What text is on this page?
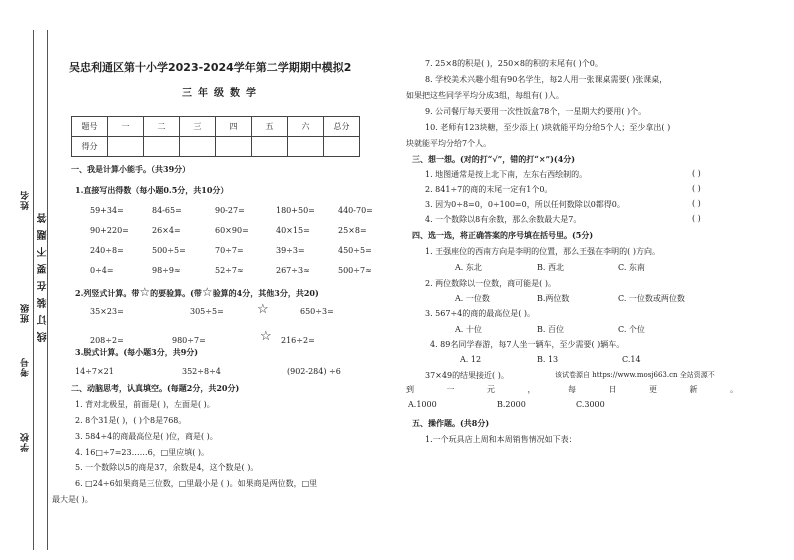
姓名
班级
考号
学校
线订装在要不题答
吴忠利通区第十小学2023-2024学年第二学期期中模拟2
三年级数学
题号	一	二	三	四	五	六	总分
得分							
一、我是计算小能手。（共39分）
1.直接写出得数（每小题0.5分，共10分）
59+34=	84-65=	90-27=	180+50=	440-70=
90+220=	26×4=	60×90=	40×15=	25×8=
240÷8=	500÷5=	70÷7=	39÷3=	450÷5=
0÷4=	98÷9≈	52÷7≈	267÷3≈	500÷7≈
2.列竖式计算。带☆的要验算。(带☆验算的4分，其他3分，共20)
35×23=	305÷5=	☆	650÷3=
208÷2=	980÷7=	☆ 216÷2=
3.脱式计算。(每小题3分，共9分)
14÷7×21	352÷8÷4	(902-284) ÷6
二、动脑思考，认真填空。(每题2分，共20分)
1. 背对北极星，前面是( )，左面是( )。
2. 8个31是( )，( )个8是768。
3. 584÷4的商最高位是( )位，商是( )。
4. 16□÷7=23……6，□里应填( )。
5. 一个数除以5的商是37，余数是4，这个数是( )。
6. □24÷6如果商是三位数，□里最小是 ( )。如果商是两位数，□里
最大是( )。
7. 25×8的积是( )，250×8的积的末尾有( )个0。
8. 学校美术兴趣小组有90名学生，每2人用一张课桌需要( )张课桌，
如果把这些同学平均分成3组，每组有( )人。
9. 公司餐厅每天要用一次性饭盒78个，一星期大约要用( )个。
10. 老师有123块糖，至少添上( )块就能平均分给5个人；至少拿出( )
块就能平均分给7个人。
三、想一想。(对的打“√”，错的打“×”)(4分)
1. 地图通常是按上北下南，左东右西绘制的。	( )
2. 841÷7的商的末尾一定有1个0。	( )
3. 因为0÷8=0，0÷100=0，所以任何数除以0都得0。	( )
4. 一个数除以8有余数，那么余数最大是7。	( )
四、选一选，将正确答案的序号填在括号里。(5分)
1. 王强座位的西南方向是李明的位置，那么王强在李明的( )方向。
A. 东北	B. 西北	C. 东南
2. 两位数除以一位数，商可能是( )。
A. 一位数	B.两位数	C. 一位数或两位数
3. 567÷4的商的最高位是( )。
A. 十位	B. 百位	C. 个位
4. 89名同学春游，每7人坐一辆车，至少需要( )辆车。
A. 12	B. 13	C.14
37×49的结果接近( )。	该试卷源自 https://www.mosj663.cn 全站资源不
到	一	元	，	每	日	更	新	。
A.1000	B.2000	C.3000
五、操作题。(共8分)
1.一个玩具店上周和本周销售情况如下表：
